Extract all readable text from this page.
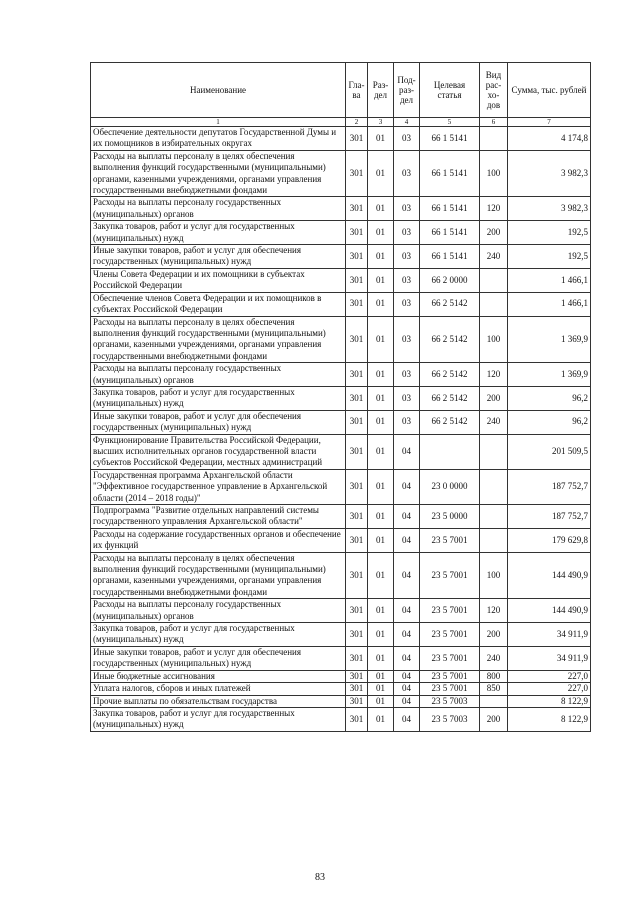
Наименование	Гла-ва	Раз-дел	Под-раз-дел	Целевая статья	Вид рас-хо-дов	Сумма, тыс. рублей
1	2	3	4	5	6	7
Обеспечение деятельности депутатов Государственной Думы и их помощников в избирательных округах	301	01	03	66 1 5141		4 174,8
Расходы на выплаты персоналу в целях обеспечения выполнения функций государственными (муниципальными) органами, казенными учреждениями, органами управления государственными внебюджетными фондами	301	01	03	66 1 5141	100	3 982,3
Расходы на выплаты персоналу государственных (муниципальных) органов	301	01	03	66 1 5141	120	3 982,3
Закупка товаров, работ и услуг для государственных (муниципальных) нужд	301	01	03	66 1 5141	200	192,5
Иные закупки товаров, работ и услуг для обеспечения государственных (муниципальных) нужд	301	01	03	66 1 5141	240	192,5
Члены Совета Федерации и их помощники в субъектах Российской Федерации	301	01	03	66 2 0000		1 466,1
Обеспечение членов Совета Федерации и их помощников в субъектах Российской Федерации	301	01	03	66 2 5142		1 466,1
Расходы на выплаты персоналу в целях обеспечения выполнения функций государственными (муниципальными) органами, казенными учреждениями, органами управления государственными внебюджетными фондами	301	01	03	66 2 5142	100	1 369,9
Расходы на выплаты персоналу государственных (муниципальных) органов	301	01	03	66 2 5142	120	1 369,9
Закупка товаров, работ и услуг для государственных (муниципальных) нужд	301	01	03	66 2 5142	200	96,2
Иные закупки товаров, работ и услуг для обеспечения государственных (муниципальных) нужд	301	01	03	66 2 5142	240	96,2
Функционирование Правительства Российской Федерации, высших исполнительных органов государственной власти субъектов Российской Федерации, местных администраций	301	01	04			201 509,5
Государственная программа Архангельской области "Эффективное государственное управление в Архангельской области (2014 – 2018 годы)"	301	01	04	23 0 0000		187 752,7
Подпрограмма "Развитие отдельных направлений системы государственного управления Архангельской области"	301	01	04	23 5 0000		187 752,7
Расходы на содержание государственных органов и обеспечение их функций	301	01	04	23 5 7001		179 629,8
Расходы на выплаты персоналу в целях обеспечения выполнения функций государственными (муниципальными) органами, казенными учреждениями, органами управления государственными внебюджетными фондами	301	01	04	23 5 7001	100	144 490,9
Расходы на выплаты персоналу государственных (муниципальных) органов	301	01	04	23 5 7001	120	144 490,9
Закупка товаров, работ и услуг для государственных (муниципальных) нужд	301	01	04	23 5 7001	200	34 911,9
Иные закупки товаров, работ и услуг для обеспечения государственных (муниципальных) нужд	301	01	04	23 5 7001	240	34 911,9
Иные бюджетные ассигнования	301	01	04	23 5 7001	800	227,0
Уплата налогов, сборов и иных платежей	301	01	04	23 5 7001	850	227,0
Прочие выплаты по обязательствам государства	301	01	04	23 5 7003		8 122,9
Закупка товаров, работ и услуг для государственных (муниципальных) нужд	301	01	04	23 5 7003	200	8 122,9
83
